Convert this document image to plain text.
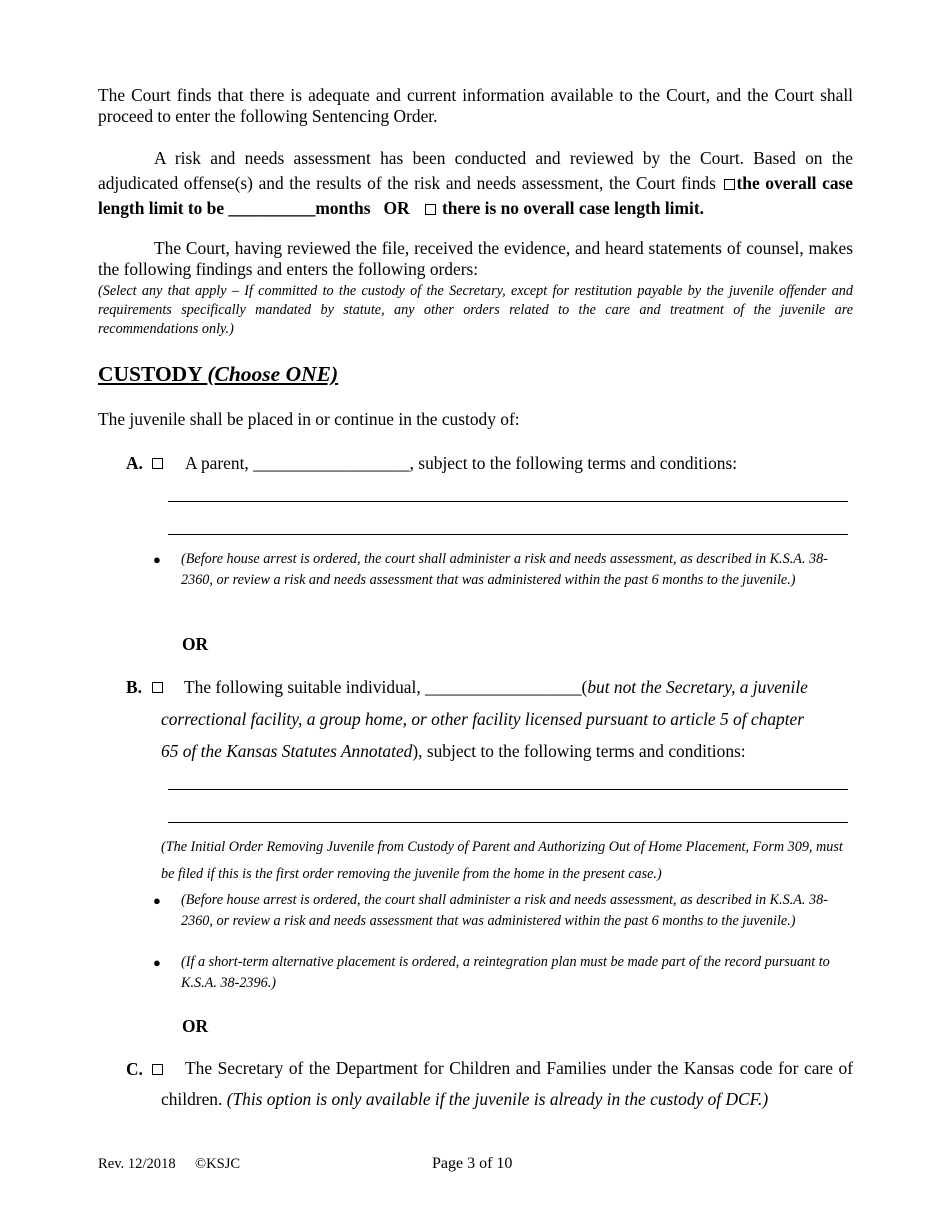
The Court finds that there is adequate and current information available to the Court, and the Court shall proceed to enter the following Sentencing Order.
A risk and needs assessment has been conducted and reviewed by the Court. Based on the adjudicated offense(s) and the results of the risk and needs assessment, the Court finds the overall case length limit to be __________months OR there is no overall case length limit.
The Court, having reviewed the file, received the evidence, and heard statements of counsel, makes the following findings and enters the following orders:
(Select any that apply – If committed to the custody of the Secretary, except for restitution payable by the juvenile offender and requirements specifically mandated by statute, any other orders related to the care and treatment of the juvenile are recommendations only.)
CUSTODY (Choose ONE)
The juvenile shall be placed in or continue in the custody of:
A. A parent, __________________, subject to the following terms and conditions:
● (Before house arrest is ordered, the court shall administer a risk and needs assessment, as described in K.S.A. 38-2360, or review a risk and needs assessment that was administered within the past 6 months to the juvenile.)
OR
B. The following suitable individual, __________________(but not the Secretary, a juvenile
correctional facility, a group home, or other facility licensed pursuant to article 5 of chapter
65 of the Kansas Statutes Annotated), subject to the following terms and conditions:
(The Initial Order Removing Juvenile from Custody of Parent and Authorizing Out of Home Placement, Form 309, must be filed if this is the first order removing the juvenile from the home in the present case.)
● (Before house arrest is ordered, the court shall administer a risk and needs assessment, as described in K.S.A. 38-2360, or review a risk and needs assessment that was administered within the past 6 months to the juvenile.)
● (If a short-term alternative placement is ordered, a reintegration plan must be made part of the record pursuant to K.S.A. 38-2396.)
OR
C.	The Secretary of the Department for Children and Families under the Kansas code for care of children. (This option is only available if the juvenile is already in the custody of DCF.)
Rev. 12/2018 ©KSJC	Page 3 of 10
